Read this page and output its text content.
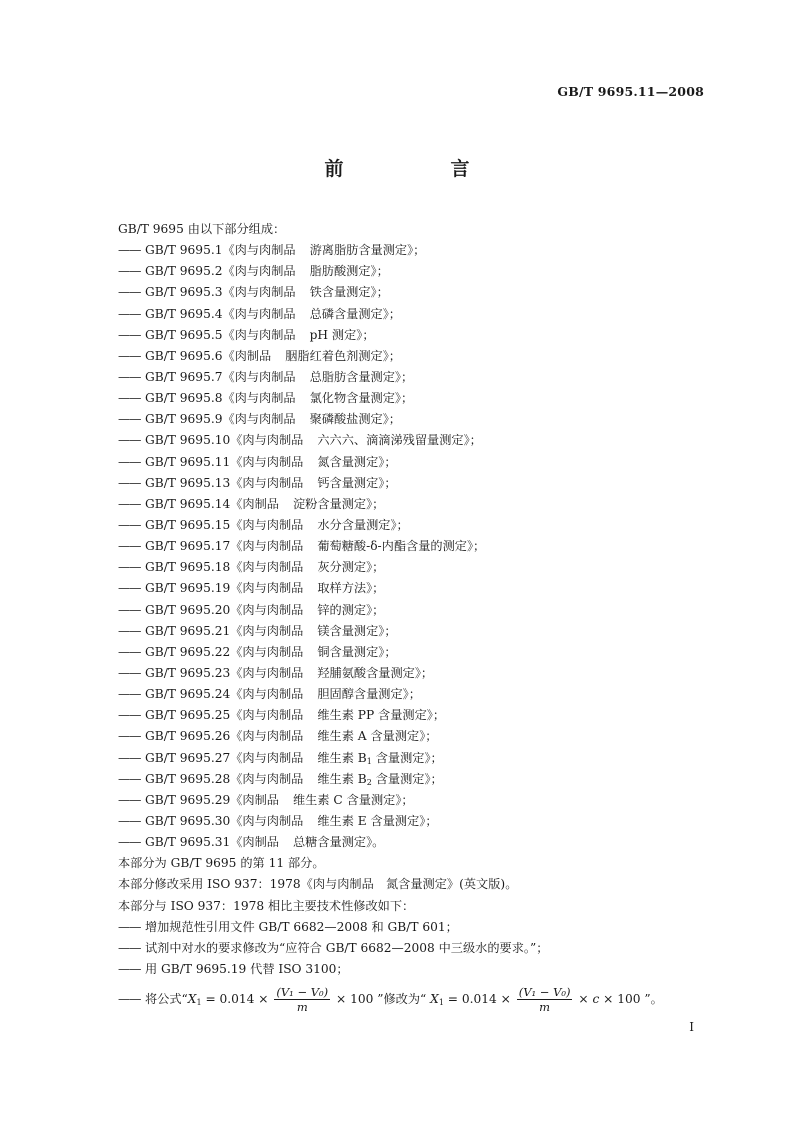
GB/T 9695.11—2008
前　言
GB/T 9695 由以下部分组成：
—— GB/T 9695.1《肉与肉制品 游离脂肪含量测定》；
—— GB/T 9695.2《肉与肉制品 脂肪酸测定》；
—— GB/T 9695.3《肉与肉制品 铁含量测定》；
—— GB/T 9695.4《肉与肉制品 总磷含量测定》；
—— GB/T 9695.5《肉与肉制品 pH 测定》；
—— GB/T 9695.6《肉制品 胭脂红着色剂测定》；
—— GB/T 9695.7《肉与肉制品 总脂肪含量测定》；
—— GB/T 9695.8《肉与肉制品 氯化物含量测定》；
—— GB/T 9695.9《肉与肉制品 聚磷酸盐测定》；
—— GB/T 9695.10《肉与肉制品 六六六、滴滴涕残留量测定》；
—— GB/T 9695.11《肉与肉制品 氮含量测定》；
—— GB/T 9695.13《肉与肉制品 钙含量测定》；
—— GB/T 9695.14《肉制品 淀粉含量测定》；
—— GB/T 9695.15《肉与肉制品 水分含量测定》；
—— GB/T 9695.17《肉与肉制品 葡萄糖酸-δ-内酯含量的测定》；
—— GB/T 9695.18《肉与肉制品 灰分测定》；
—— GB/T 9695.19《肉与肉制品 取样方法》；
—— GB/T 9695.20《肉与肉制品 锌的测定》；
—— GB/T 9695.21《肉与肉制品 镁含量测定》；
—— GB/T 9695.22《肉与肉制品 铜含量测定》；
—— GB/T 9695.23《肉与肉制品 羟脯氨酸含量测定》；
—— GB/T 9695.24《肉与肉制品 胆固醇含量测定》；
—— GB/T 9695.25《肉与肉制品 维生素 PP 含量测定》；
—— GB/T 9695.26《肉与肉制品 维生素 A 含量测定》；
—— GB/T 9695.27《肉与肉制品 维生素 $B_1$ 含量测定》；
—— GB/T 9695.28《肉与肉制品 维生素 $B_2$ 含量测定》；
—— GB/T 9695.29《肉制品 维生素 C 含量测定》；
—— GB/T 9695.30《肉与肉制品 维生素 E 含量测定》；
—— GB/T 9695.31《肉制品 总糖含量测定》。
本部分为 GB/T 9695 的第 11 部分。
本部分修改采用 ISO 937：1978《肉与肉制品　氮含量测定》(英文版)。
本部分与 ISO 937：1978 相比主要技术性修改如下：
—— 增加规范性引用文件 GB/T 6682—2008 和 GB/T 601；
—— 试剂中对水的要求修改为“应符合 GB/T 6682—2008 中三级水的要求。”；
—— 用 GB/T 9695.19 代替 ISO 3100；
—— 将公式“$X_1 = 0.014 \times \frac{\text{(V₁ − V₀)}}{m} \times 100$ ”修改为“ $X_1 = 0.014 \times \frac{\text{(V₁ − V₀)}}{m} \times c \times 100$ ”。
I
